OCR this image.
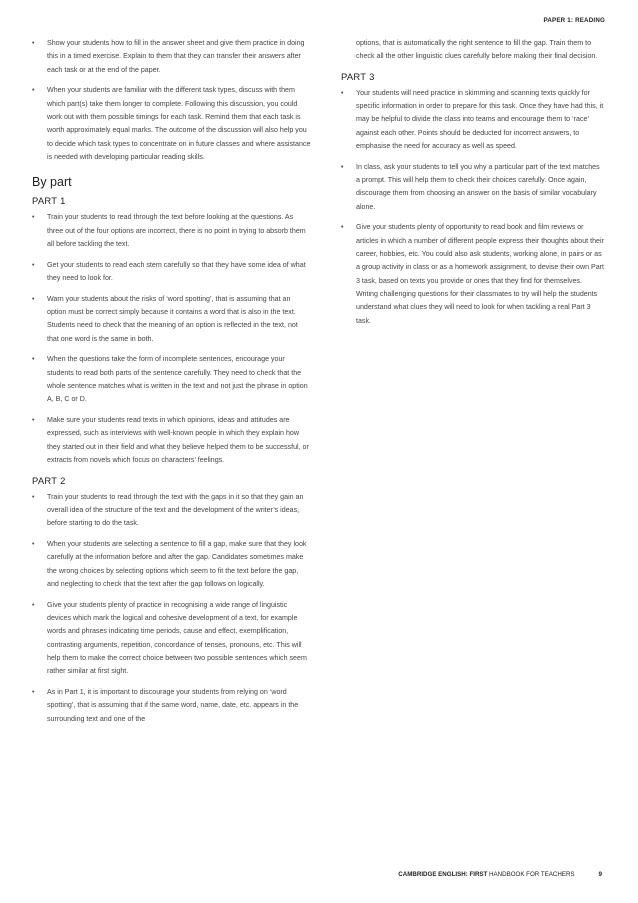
PAPER 1: READING
• Show your students how to fill in the answer sheet and give them practice in doing this in a timed exercise. Explain to them that they can transfer their answers after each task or at the end of the paper.
• When your students are familiar with the different task types, discuss with them which part(s) take them longer to complete. Following this discussion, you could work out with them possible timings for each task. Remind them that each task is worth approximately equal marks. The outcome of the discussion will also help you to decide which task types to concentrate on in future classes and where assistance is needed with developing particular reading skills.
By part
PART 1
• Train your students to read through the text before looking at the questions. As three out of the four options are incorrect, there is no point in trying to absorb them all before tackling the text.
• Get your students to read each stem carefully so that they have some idea of what they need to look for.
• Warn your students about the risks of ‘word spotting’, that is assuming that an option must be correct simply because it contains a word that is also in the text. Students need to check that the meaning of an option is reflected in the text, not that one word is the same in both.
• When the questions take the form of incomplete sentences, encourage your students to read both parts of the sentence carefully. They need to check that the whole sentence matches what is written in the text and not just the phrase in option A, B, C or D.
• Make sure your students read texts in which opinions, ideas and attitudes are expressed, such as interviews with well-known people in which they explain how they started out in their field and what they believe helped them to be successful, or extracts from novels which focus on characters’ feelings.
PART 2
• Train your students to read through the text with the gaps in it so that they gain an overall idea of the structure of the text and the development of the writer’s ideas, before starting to do the task.
• When your students are selecting a sentence to fill a gap, make sure that they look carefully at the information before and after the gap. Candidates sometimes make the wrong choices by selecting options which seem to fit the text before the gap, and neglecting to check that the text after the gap follows on logically.
• Give your students plenty of practice in recognising a wide range of linguistic devices which mark the logical and cohesive development of a text, for example words and phrases indicating time periods, cause and effect, exemplification, contrasting arguments, repetition, concordance of tenses, pronouns, etc. This will help them to make the correct choice between two possible sentences which seem rather similar at first sight.
• As in Part 1, it is important to discourage your students from relying on ‘word spotting’, that is assuming that if the same word, name, date, etc. appears in the surrounding text and one of the
options, that is automatically the right sentence to fill the gap. Train them to check all the other linguistic clues carefully before making their final decision.
PART 3
• Your students will need practice in skimming and scanning texts quickly for specific information in order to prepare for this task. Once they have had this, it may be helpful to divide the class into teams and encourage them to ‘race’ against each other. Points should be deducted for incorrect answers, to emphasise the need for accuracy as well as speed.
• In class, ask your students to tell you why a particular part of the text matches a prompt. This will help them to check their choices carefully. Once again, discourage them from choosing an answer on the basis of similar vocabulary alone.
• Give your students plenty of opportunity to read book and film reviews or articles in which a number of different people express their thoughts about their career, hobbies, etc. You could also ask students, working alone, in pairs or as a group activity in class or as a homework assignment, to devise their own Part 3 task, based on texts you provide or ones that they find for themselves. Writing challenging questions for their classmates to try will help the students understand what clues they will need to look for when tackling a real Part 3 task.
CAMBRIDGE ENGLISH: FIRST HANDBOOK FOR TEACHERS	9
